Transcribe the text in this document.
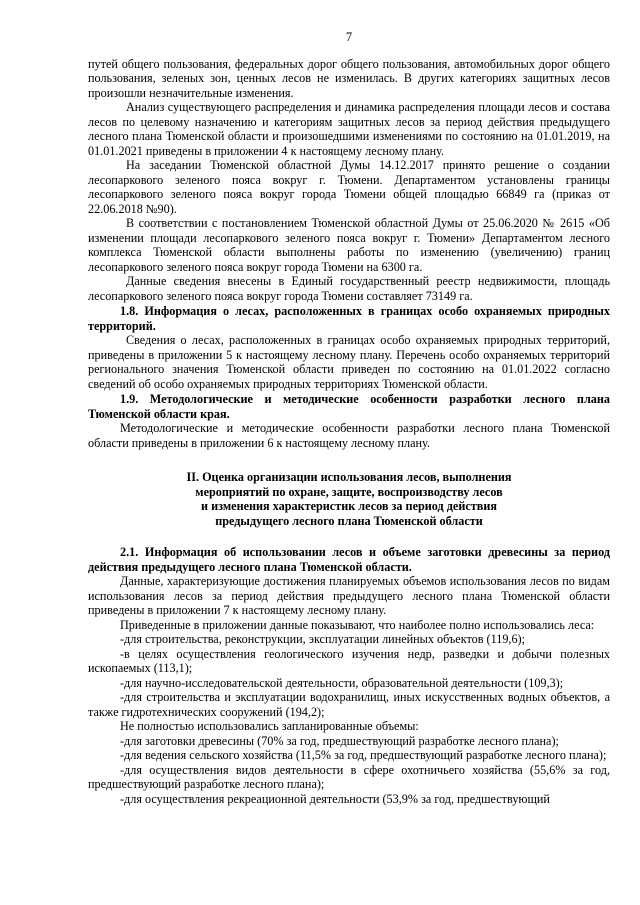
7

путей общего пользования, федеральных дорог общего пользования, автомобильных дорог общего пользования, зеленых зон, ценных лесов не изменилась. В других категориях защитных лесов произошли незначительные изменения.

Анализ существующего распределения и динамика распределения площади лесов и состава лесов по целевому назначению и категориям защитных лесов за период действия предыдущего лесного плана Тюменской области и произошедшими изменениями по состоянию на 01.01.2019, на 01.01.2021 приведены в приложении 4 к настоящему лесному плану.

На заседании Тюменской областной Думы 14.12.2017 принято решение о создании лесопаркового зеленого пояса вокруг г. Тюмени. Департаментом установлены границы лесопаркового зеленого пояса вокруг города Тюмени общей площадью 66849 га (приказ от 22.06.2018 №90).

В соответствии с постановлением Тюменской областной Думы от 25.06.2020 № 2615 «Об изменении площади лесопаркового зеленого пояса вокруг г. Тюмени» Департаментом лесного комплекса Тюменской области выполнены работы по изменению (увеличению) границ лесопаркового зеленого пояса вокруг города Тюмени на 6300 га.

Данные сведения внесены в Единый государственный реестр недвижимости, площадь лесопаркового зеленого пояса вокруг города Тюмени составляет 73149 га.

1.8. Информация о лесах, расположенных в границах особо охраняемых природных территорий.

Сведения о лесах, расположенных в границах особо охраняемых природных территорий, приведены в приложении 5 к настоящему лесному плану. Перечень особо охраняемых территорий регионального значения Тюменской области приведен по состоянию на 01.01.2022 согласно сведений об особо охраняемых природных территориях Тюменской области.

1.9. Методологические и методические особенности разработки лесного плана Тюменской области края.

Методологические и методические особенности разработки лесного плана Тюменской области приведены в приложении 6 к настоящему лесному плану.

II. Оценка организации использования лесов, выполнения
мероприятий по охране, защите, воспроизводству лесов
и изменения характеристик лесов за период действия
предыдущего лесного плана Тюменской области

2.1. Информация об использовании лесов и объеме заготовки древесины за период действия предыдущего лесного плана Тюменской области.

Данные, характеризующие достижения планируемых объемов использования лесов по видам использования лесов за период действия предыдущего лесного плана Тюменской области приведены в приложении 7 к настоящему лесному плану.

Приведенные в приложении данные показывают, что наиболее полно использовались леса:

-для строительства, реконструкции, эксплуатации линейных объектов (119,6);

-в целях осуществления геологического изучения недр, разведки и добычи полезных ископаемых (113,1);

-для научно-исследовательской деятельности, образовательной деятельности (109,3);

-для строительства и эксплуатации водохранилищ, иных искусственных водных объектов, а также гидротехнических сооружений (194,2);

Не полностью использовались запланированные объемы:

-для заготовки древесины (70% за год, предшествующий разработке лесного плана);

-для ведения сельского хозяйства (11,5% за год, предшествующий разработке лесного плана);

-для осуществления видов деятельности в сфере охотничьего хозяйства (55,6% за год, предшествующий разработке лесного плана);

-для осуществления рекреационной деятельности (53,9% за год, предшествующий
